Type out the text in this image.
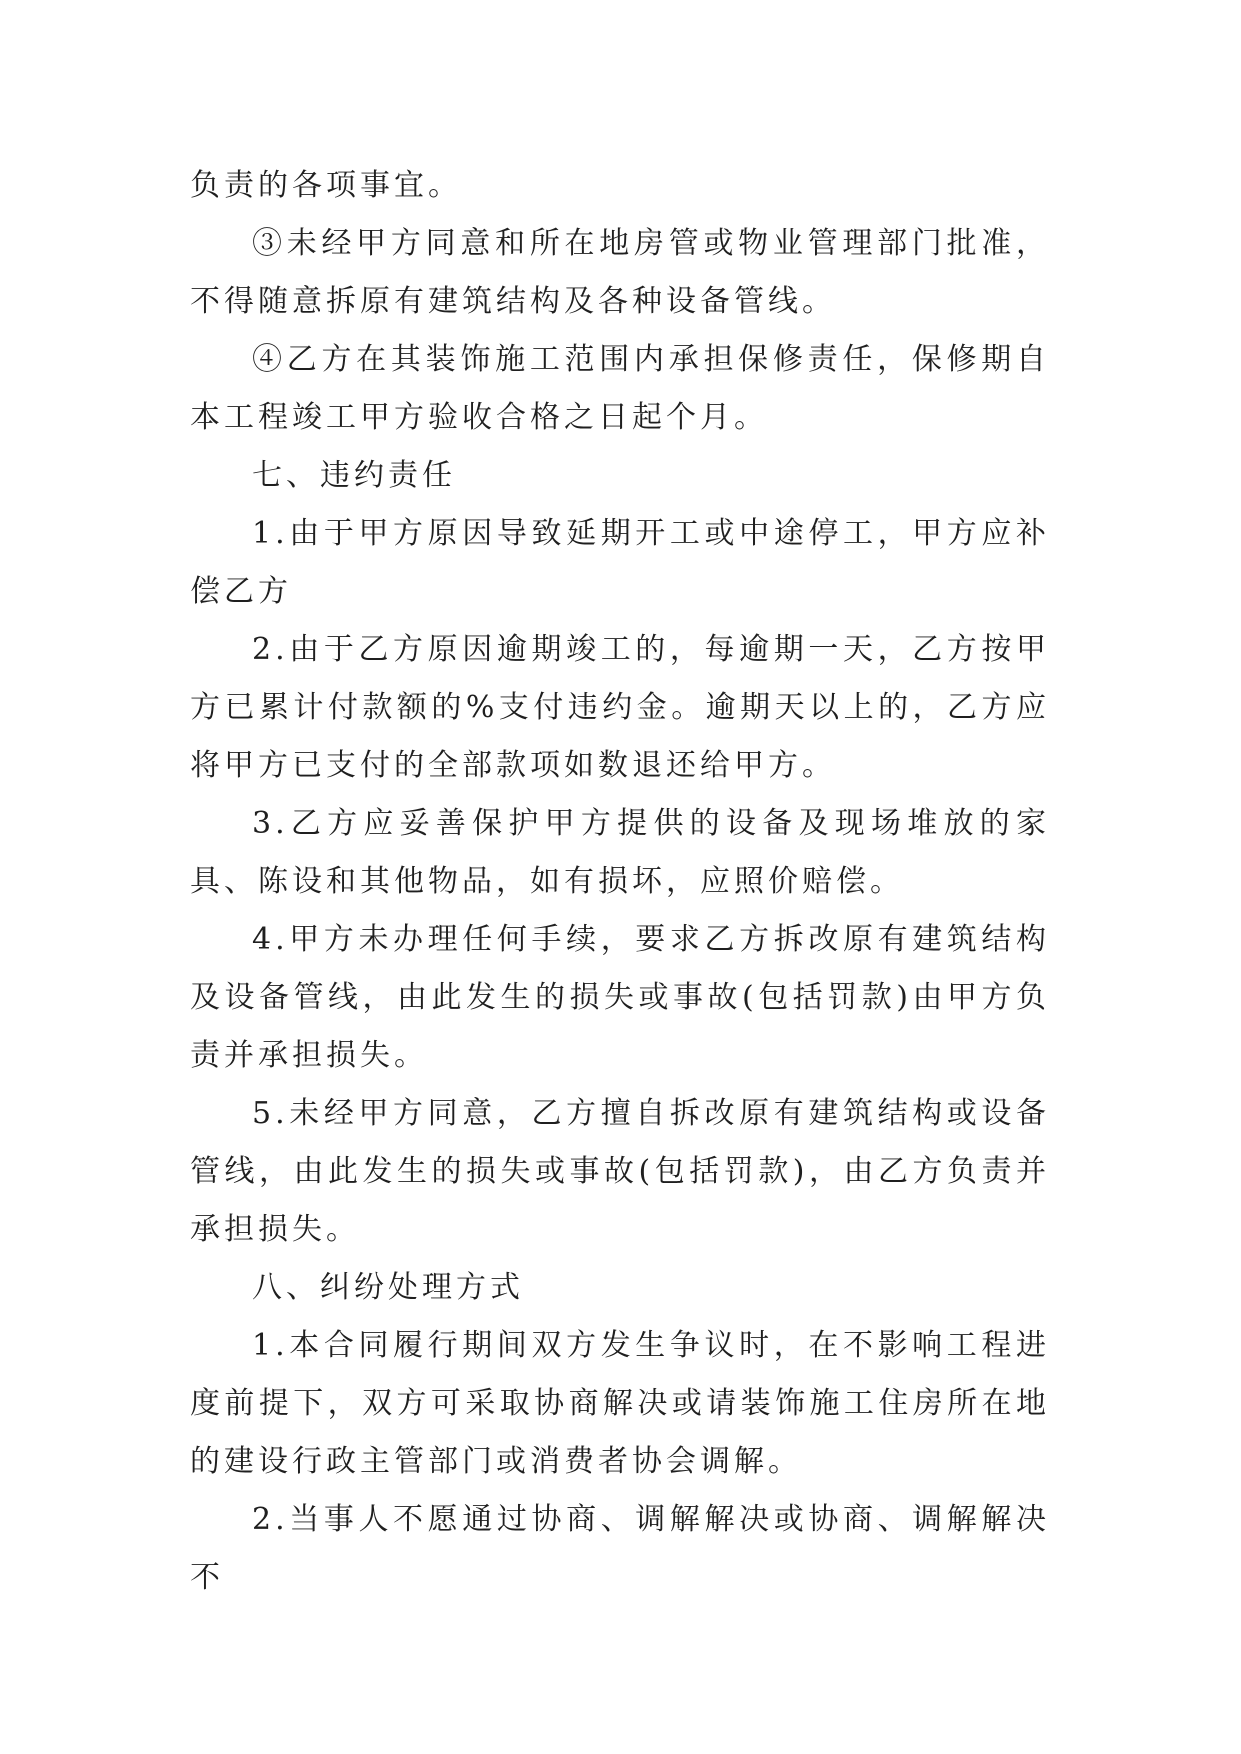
负责的各项事宜。

③未经甲方同意和所在地房管或物业管理部门批准，不得随意拆原有建筑结构及各种设备管线。

④乙方在其装饰施工范围内承担保修责任，保修期自本工程竣工甲方验收合格之日起个月。

七、违约责任

1.由于甲方原因导致延期开工或中途停工，甲方应补偿乙方

2.由于乙方原因逾期竣工的，每逾期一天，乙方按甲方已累计付款额的%支付违约金。逾期天以上的，乙方应将甲方已支付的全部款项如数退还给甲方。

3.乙方应妥善保护甲方提供的设备及现场堆放的家具、陈设和其他物品，如有损坏，应照价赔偿。

4.甲方未办理任何手续，要求乙方拆改原有建筑结构及设备管线，由此发生的损失或事故(包括罚款)由甲方负责并承担损失。

5.未经甲方同意，乙方擅自拆改原有建筑结构或设备管线，由此发生的损失或事故(包括罚款)，由乙方负责并承担损失。

八、纠纷处理方式

1.本合同履行期间双方发生争议时，在不影响工程进度前提下，双方可采取协商解决或请装饰施工住房所在地的建设行政主管部门或消费者协会调解。

2.当事人不愿通过协商、调解解决或协商、调解解决不
